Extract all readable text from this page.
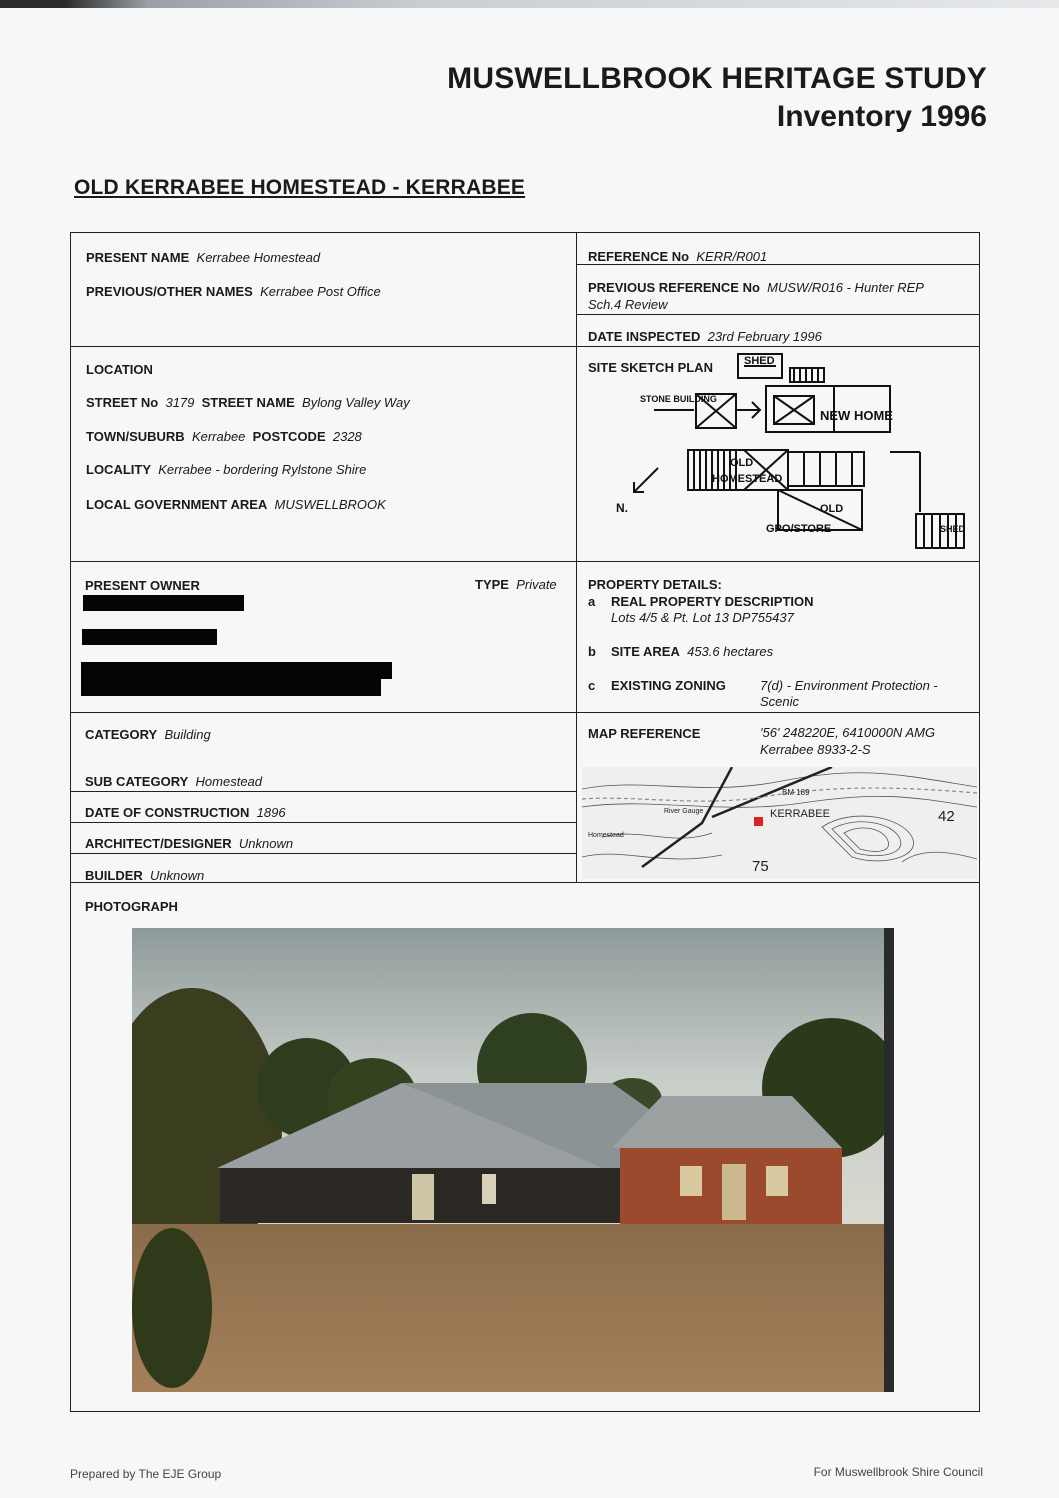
MUSWELLBROOK HERITAGE STUDY
Inventory 1996
OLD KERRABEE HOMESTEAD - KERRABEE
PRESENT NAME Kerrabee Homestead
PREVIOUS/OTHER NAMES Kerrabee Post Office
REFERENCE No KERR/R001
PREVIOUS REFERENCE No MUSW/R016 - Hunter REP
Sch.4 Review
DATE INSPECTED 23rd February 1996
LOCATION
STREET No 3179 STREET NAME Bylong Valley Way
TOWN/SUBURB Kerrabee POSTCODE 2328
LOCALITY Kerrabee - bordering Rylstone Shire
LOCAL GOVERNMENT AREA MUSWELLBROOK
SITE SKETCH PLAN	SHED
STONE BUILDING
NEW HOME
OLD
HOMESTEAD
OLD
GPO/STORE	SHED
N.
PRESENT OWNER	TYPE Private PROPERTY DETAILS:
a REAL PROPERTY DESCRIPTION
Lots 4/5 & Pt. Lot 13 DP755437
b SITE AREA 453.6 hectares
c EXISTING ZONING	7(d) - Environment Protection -
Scenic
CATEGORY Building
SUB CATEGORY Homestead
DATE OF CONSTRUCTION 1896
ARCHITECT/DESIGNER Unknown
BUILDER Unknown
MAP REFERENCE	'56' 248220E, 6410000N AMG
Kerrabee 8933-2-S
BM 189
KERRABEE	42
75
River Gauge
Homestead
PHOTOGRAPH
Prepared by The EJE Group	For Muswellbrook Shire Council
